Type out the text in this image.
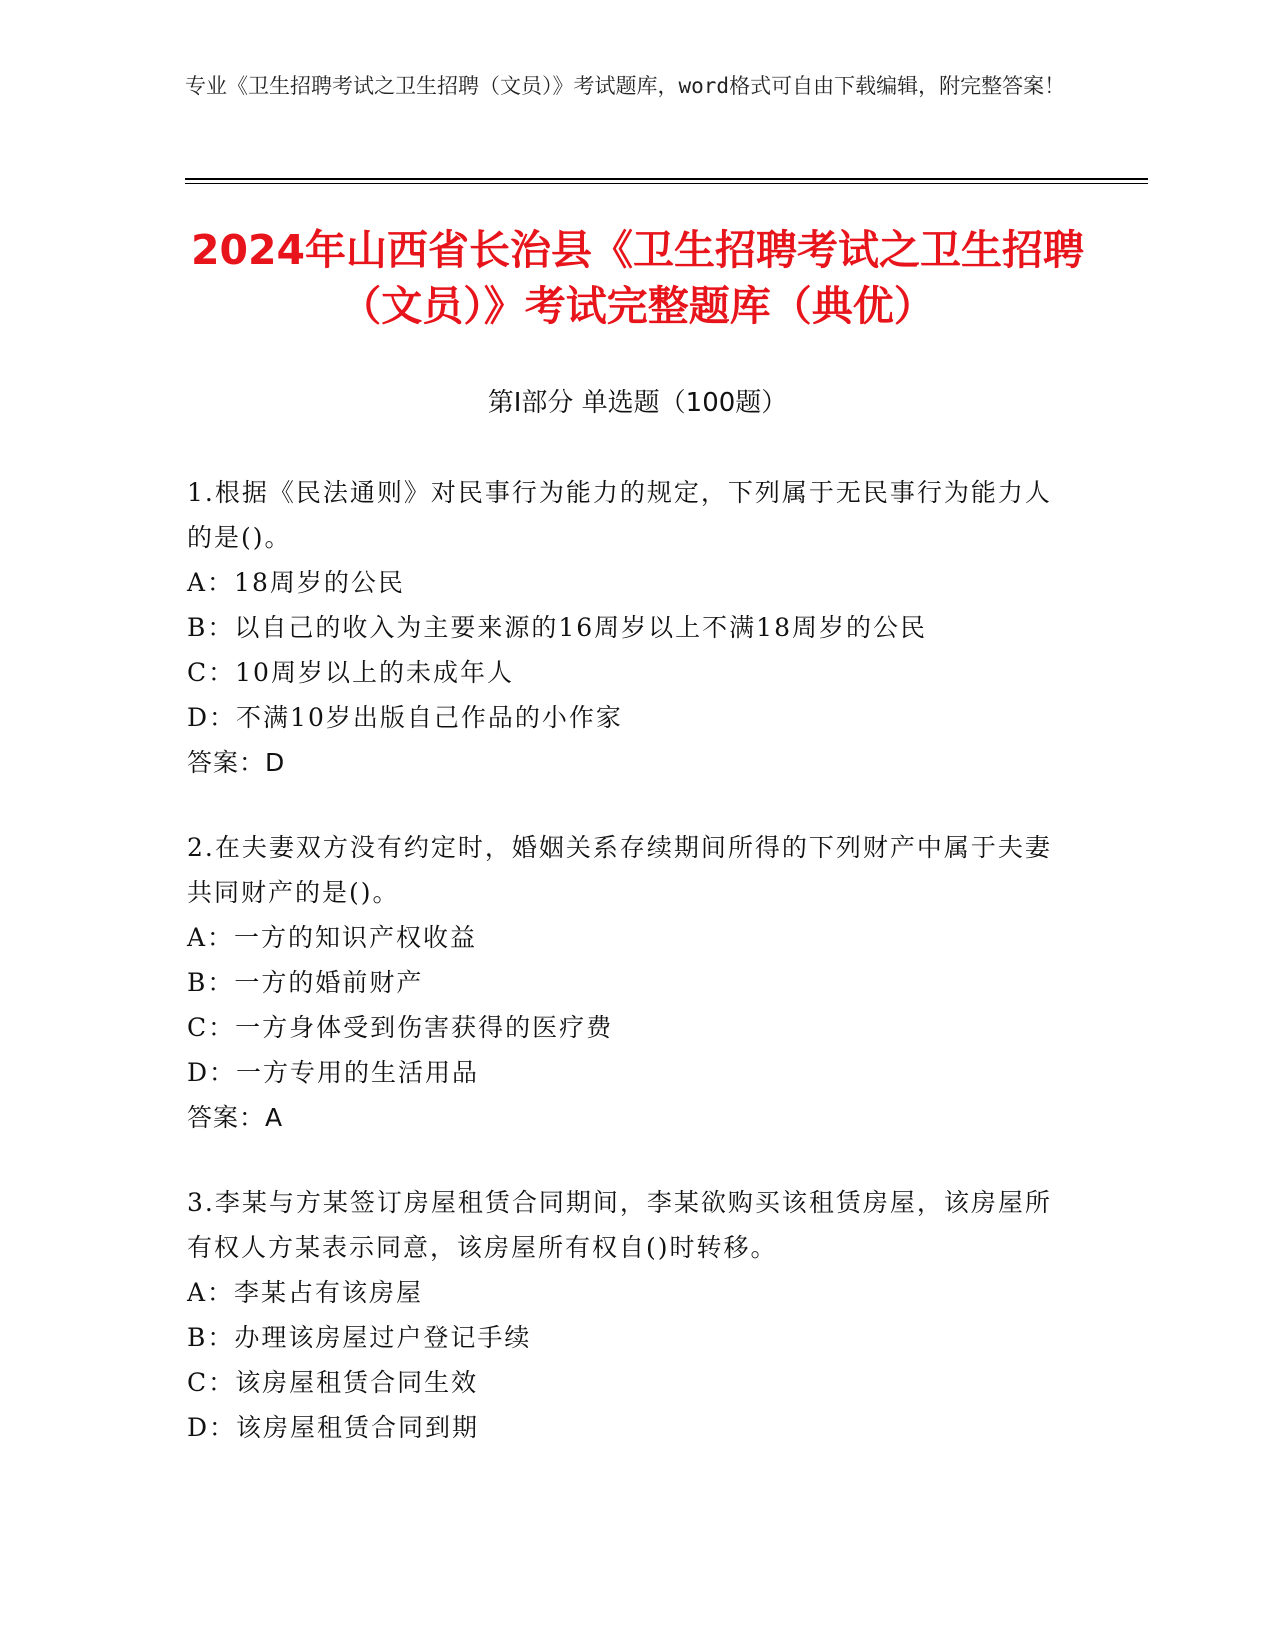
专业《卫生招聘考试之卫生招聘（文员）》考试题库，word格式可自由下载编辑，附完整答案！
2024年山西省长治县《卫生招聘考试之卫生招聘（文员）》考试完整题库（典优）
第Ⅰ部分 单选题（100题）
1.根据《民法通则》对民事行为能力的规定，下列属于无民事行为能力人的是()。
A：18周岁的公民
B：以自己的收入为主要来源的16周岁以上不满18周岁的公民
C：10周岁以上的未成年人
D：不满10岁出版自己作品的小作家
答案：D
2.在夫妻双方没有约定时，婚姻关系存续期间所得的下列财产中属于夫妻共同财产的是()。
A：一方的知识产权收益
B：一方的婚前财产
C：一方身体受到伤害获得的医疗费
D：一方专用的生活用品
答案：A
3.李某与方某签订房屋租赁合同期间，李某欲购买该租赁房屋，该房屋所有权人方某表示同意，该房屋所有权自()时转移。
A：李某占有该房屋
B：办理该房屋过户登记手续
C：该房屋租赁合同生效
D：该房屋租赁合同到期
